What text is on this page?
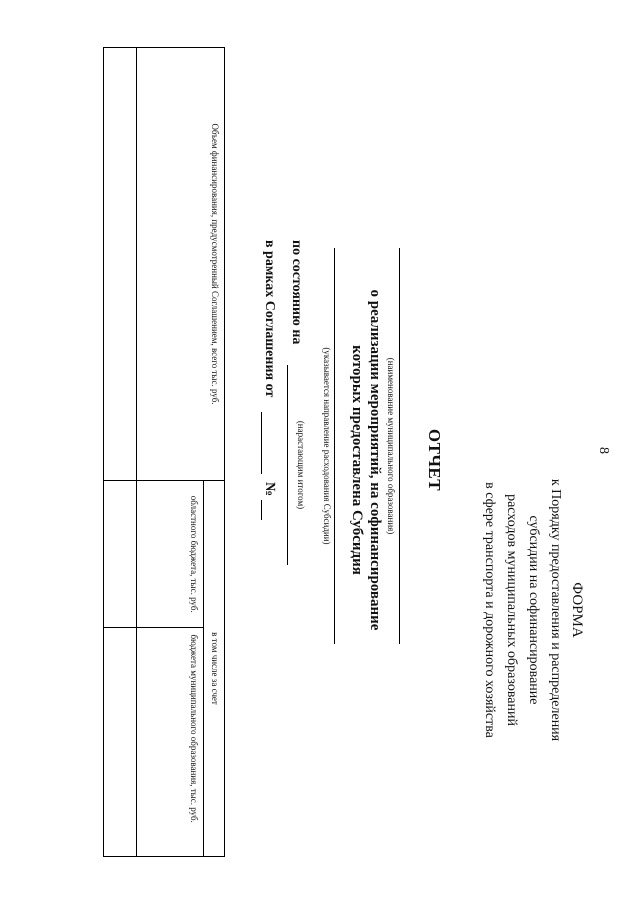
8
ФОРМА
к Порядку предоставления и распределения
субсидии на софинансирование
расходов муниципальных образований
в сфере транспорта и дорожного хозяйства
ОТЧЕТ
(наименование муниципального образования)
о реализации мероприятий, на софинансирование
которых предоставлена Субсидия
(указывается направление расходования Субсидии)
по состоянию на
(нарастающим итогом)
в рамках Соглашения от
№
Объем финансирования, предусмотренный Соглашением, всего тыс. руб.	в том числе за счет	
	областного бюджета, тыс. руб.	бюджета муниципального образования, тыс. руб.
